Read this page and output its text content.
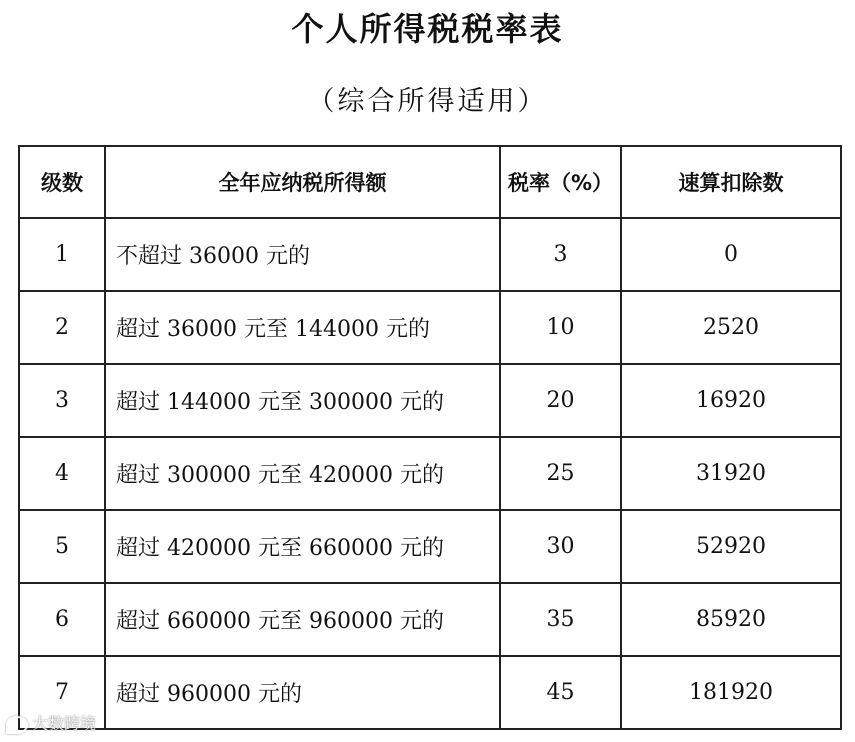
个人所得税税率表
（综合所得适用）
级数	全年应纳税所得额	税率（%）	速算扣除数
1	不超过 36000 元的	3	0
2	超过 36000 元至 144000 元的	10	2520
3	超过 144000 元至 300000 元的	20	16920
4	超过 300000 元至 420000 元的	25	31920
5	超过 420000 元至 660000 元的	30	52920
6	超过 660000 元至 960000 元的	35	85920
7	超过 960000 元的	45	181920
大数跨境
